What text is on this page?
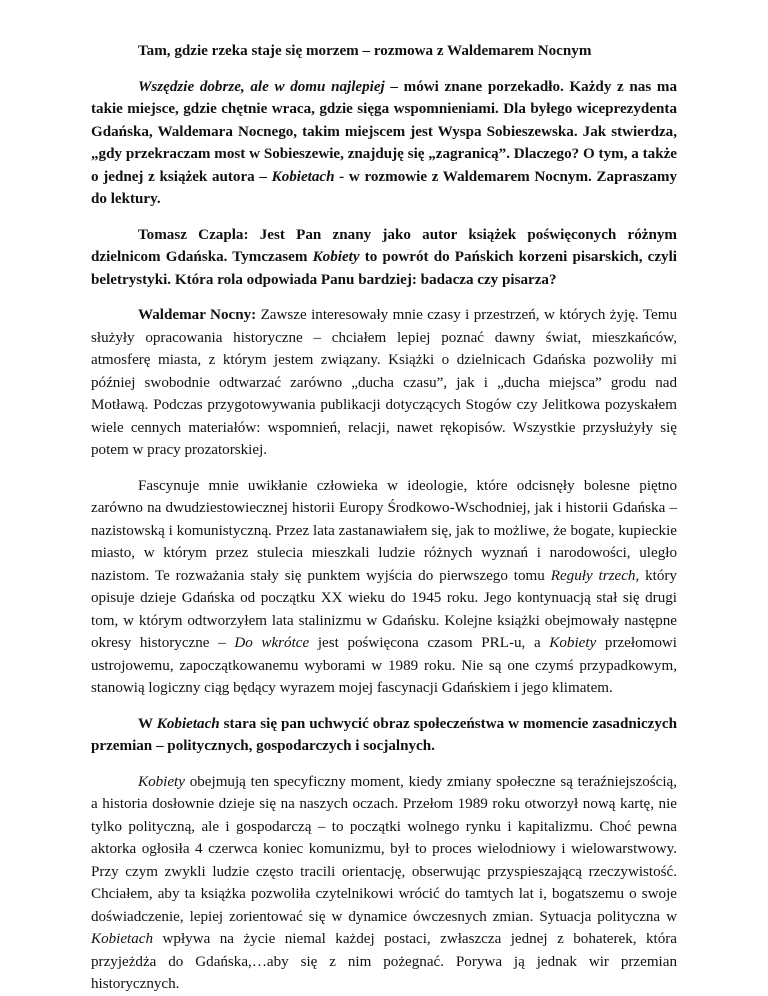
Tam, gdzie rzeka staje się morzem – rozmowa z Waldemarem Nocnym

Wszędzie dobrze, ale w domu najlepiej – mówi znane porzekadło. Każdy z nas ma takie miejsce, gdzie chętnie wraca, gdzie sięga wspomnieniami. Dla byłego wiceprezydenta Gdańska, Waldemara Nocnego, takim miejscem jest Wyspa Sobieszewska. Jak stwierdza, „gdy przekraczam most w Sobieszewie, znajduję się „zagranicą”. Dlaczego? O tym, a także o jednej z książek autora – Kobietach - w rozmowie z Waldemarem Nocnym. Zapraszamy do lektury.

Tomasz Czapla: Jest Pan znany jako autor książek poświęconych różnym dzielnicom Gdańska. Tymczasem Kobiety to powrót do Pańskich korzeni pisarskich, czyli beletrystyki. Która rola odpowiada Panu bardziej: badacza czy pisarza?

Waldemar Nocny: Zawsze interesowały mnie czasy i przestrzeń, w których żyję. Temu służyły opracowania historyczne – chciałem lepiej poznać dawny świat, mieszkańców, atmosferę miasta, z którym jestem związany. Książki o dzielnicach Gdańska pozwoliły mi później swobodnie odtwarzać zarówno „ducha czasu”, jak i „ducha miejsca” grodu nad Motławą. Podczas przygotowywania publikacji dotyczących Stogów czy Jelitkowa pozyskałem wiele cennych materiałów: wspomnień, relacji, nawet rękopisów. Wszystkie przysłużyły się potem w pracy prozatorskiej.

Fascynuje mnie uwikłanie człowieka w ideologie, które odcisnęły bolesne piętno zarówno na dwudziestowiecznej historii Europy Środkowo-Wschodniej, jak i historii Gdańska – nazistowską i komunistyczną. Przez lata zastanawiałem się, jak to możliwe, że bogate, kupieckie miasto, w którym przez stulecia mieszkali ludzie różnych wyznań i narodowości, uległo nazistom. Te rozważania stały się punktem wyjścia do pierwszego tomu Reguły trzech, który opisuje dzieje Gdańska od początku XX wieku do 1945 roku. Jego kontynuacją stał się drugi tom, w którym odtworzyłem lata stalinizmu w Gdańsku. Kolejne książki obejmowały następne okresy historyczne – Do wkrótce jest poświęcona czasom PRL-u, a Kobiety przełomowi ustrojowemu, zapoczątkowanemu wyborami w 1989 roku. Nie są one czymś przypadkowym, stanowią logiczny ciąg będący wyrazem mojej fascynacji Gdańskiem i jego klimatem.

W Kobietach stara się pan uchwycić obraz społeczeństwa w momencie zasadniczych przemian – politycznych, gospodarczych i socjalnych.

Kobiety obejmują ten specyficzny moment, kiedy zmiany społeczne są teraźniejszością, a historia dosłownie dzieje się na naszych oczach. Przełom 1989 roku otworzył nową kartę, nie tylko polityczną, ale i gospodarczą – to początki wolnego rynku i kapitalizmu. Choć pewna aktorka ogłosiła 4 czerwca koniec komunizmu, był to proces wielodniowy i wielowarstwowy. Przy czym zwykli ludzie często tracili orientację, obserwując przyspieszającą rzeczywistość. Chciałem, aby ta książka pozwoliła czytelnikowi wrócić do tamtych lat i, bogatszemu o swoje doświadczenie, lepiej zorientować się w dynamice ówczesnych zmian. Sytuacja polityczna w Kobietach wpływa na życie niemal każdej postaci, zwłaszcza jednej z bohaterek, która przyjeżdża do Gdańska,…aby się z nim pożegnać. Porywa ją jednak wir przemian historycznych.
